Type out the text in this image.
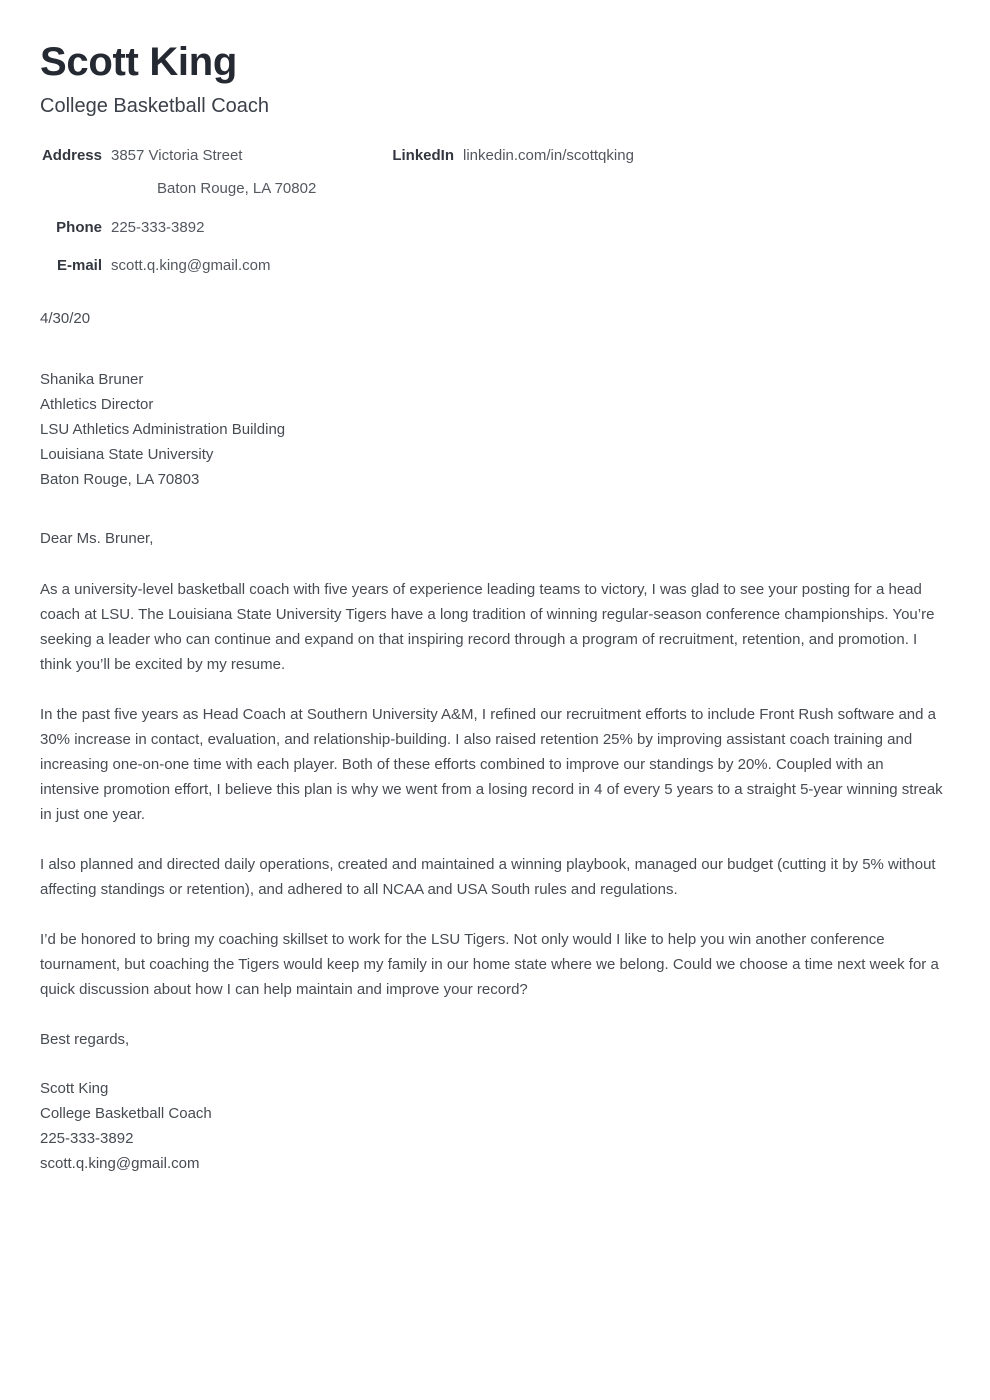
Scott King
College Basketball Coach
Address 3857 Victoria Street
Baton Rouge, LA 70802
Phone 225-333-3892
E-mail scott.q.king@gmail.com
LinkedIn linkedin.com/in/scottqking
4/30/20
Shanika Bruner
Athletics Director
LSU Athletics Administration Building
Louisiana State University
Baton Rouge, LA 70803
Dear Ms. Bruner,

As a university-level basketball coach with five years of experience leading teams to victory, I was glad to see your posting for a head coach at LSU. The Louisiana State University Tigers have a long tradition of winning regular-season conference championships. You’re seeking a leader who can continue and expand on that inspiring record through a program of recruitment, retention, and promotion. I think you’ll be excited by my resume.

In the past five years as Head Coach at Southern University A&M, I refined our recruitment efforts to include Front Rush software and a 30% increase in contact, evaluation, and relationship-building. I also raised retention 25% by improving assistant coach training and increasing one-on-one time with each player. Both of these efforts combined to improve our standings by 20%. Coupled with an intensive promotion effort, I believe this plan is why we went from a losing record in 4 of every 5 years to a straight 5-year winning streak in just one year.

I also planned and directed daily operations, created and maintained a winning playbook, managed our budget (cutting it by 5% without affecting standings or retention), and adhered to all NCAA and USA South rules and regulations.

I’d be honored to bring my coaching skillset to work for the LSU Tigers. Not only would I like to help you win another conference tournament, but coaching the Tigers would keep my family in our home state where we belong. Could we choose a time next week for a quick discussion about how I can help maintain and improve your record?

Best regards,
Scott King
College Basketball Coach
225-333-3892
scott.q.king@gmail.com
